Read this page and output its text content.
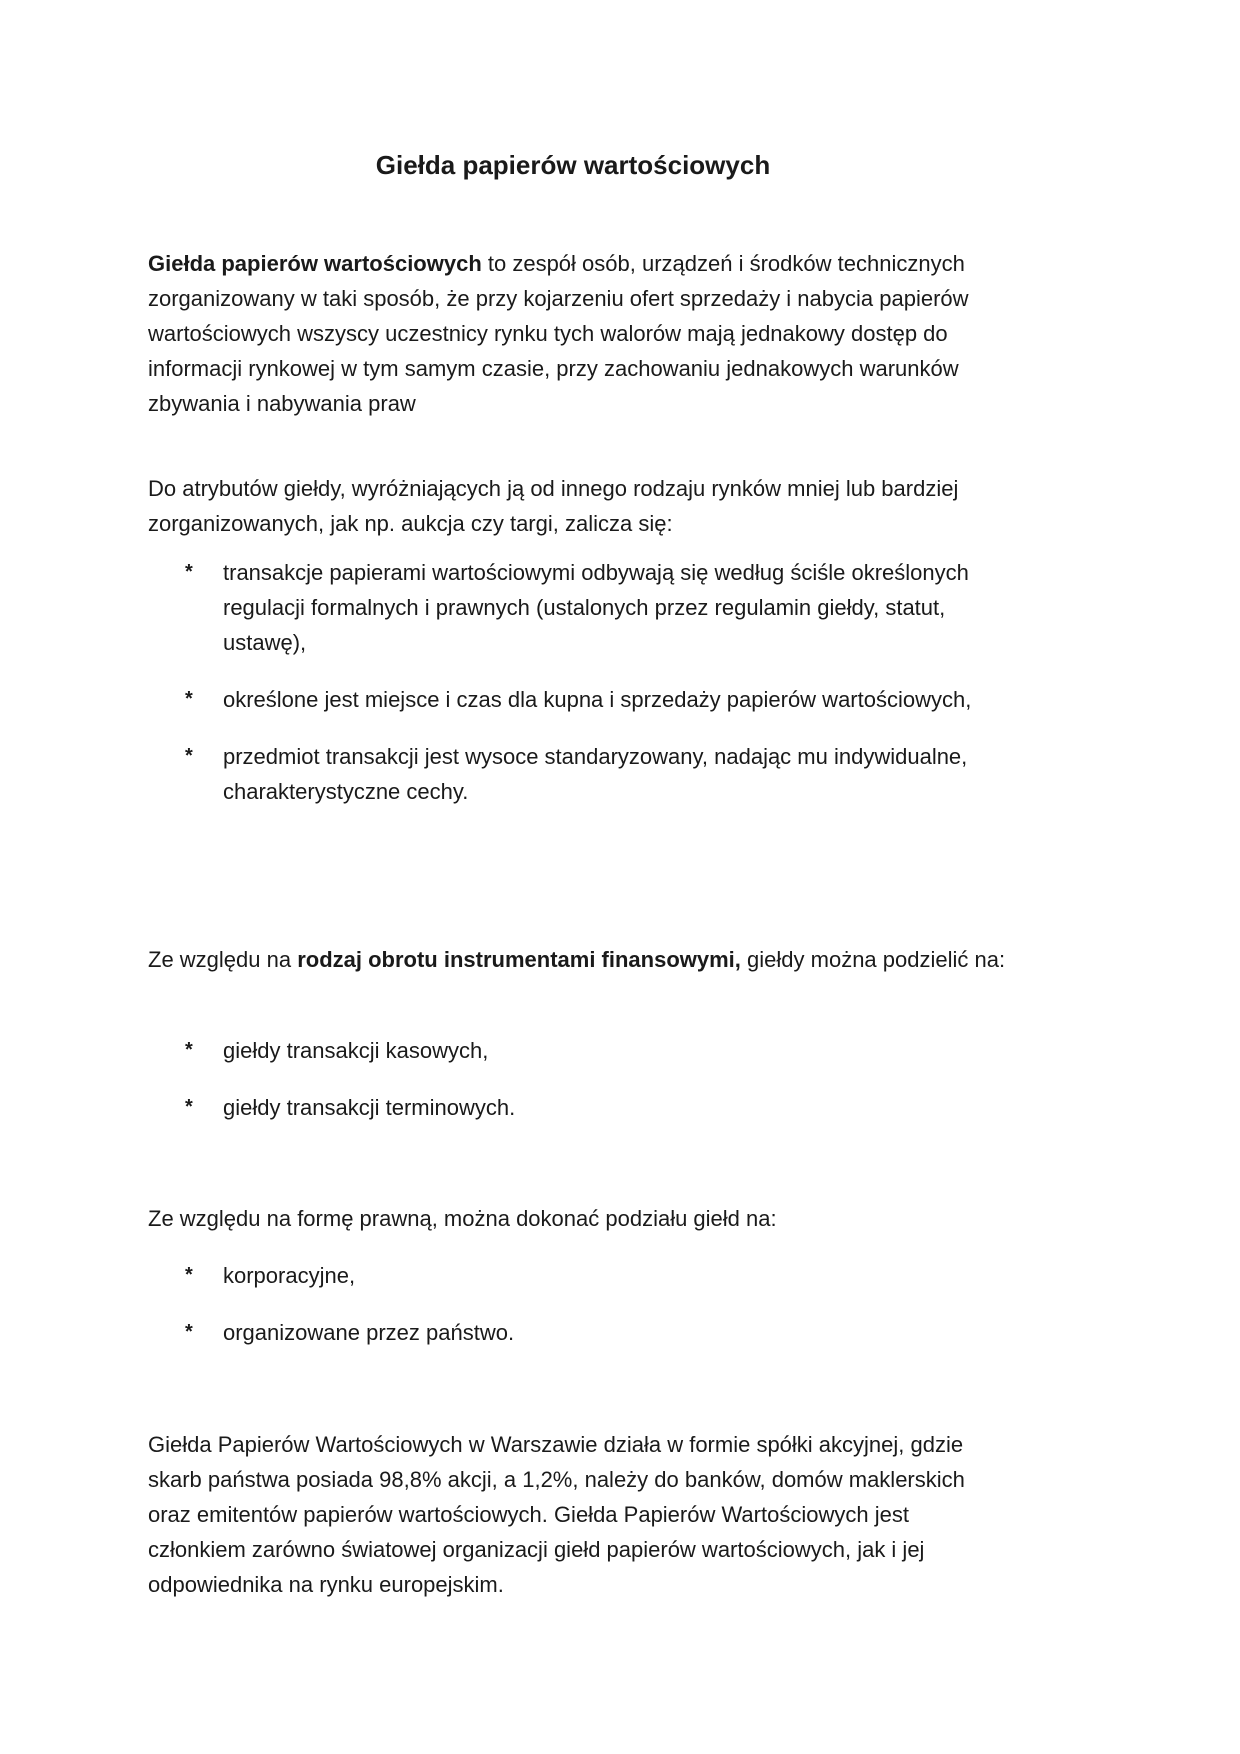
Giełda papierów wartościowych

Giełda papierów wartościowych to zespół osób, urządzeń i środków technicznych zorganizowany w taki sposób, że przy kojarzeniu ofert sprzedaży i nabycia papierów wartościowych wszyscy uczestnicy rynku tych walorów mają jednakowy dostęp do informacji rynkowej w tym samym czasie, przy zachowaniu jednakowych warunków zbywania i nabywania praw

Do atrybutów giełdy, wyróżniających ją od innego rodzaju rynków mniej lub bardziej zorganizowanych, jak np. aukcja czy targi, zalicza się:

* transakcje papierami wartościowymi odbywają się według ściśle określonych regulacji formalnych i prawnych (ustalonych przez regulamin giełdy, statut, ustawę),
* określone jest miejsce i czas dla kupna i sprzedaży papierów wartościowych,
* przedmiot transakcji jest wysoce standaryzowany, nadając mu indywidualne, charakterystyczne cechy.

Ze względu na rodzaj obrotu instrumentami finansowymi, giełdy można podzielić na:

* giełdy transakcji kasowych,
* giełdy transakcji terminowych.

Ze względu na formę prawną, można dokonać podziału giełd na:

* korporacyjne,
* organizowane przez państwo.

Giełda Papierów Wartościowych w Warszawie działa w formie spółki akcyjnej, gdzie skarb państwa posiada 98,8% akcji, a 1,2%, należy do banków, domów maklerskich oraz emitentów papierów wartościowych. Giełda Papierów Wartościowych jest członkiem zarówno światowej organizacji giełd papierów wartościowych, jak i jej odpowiednika na rynku europejskim.
